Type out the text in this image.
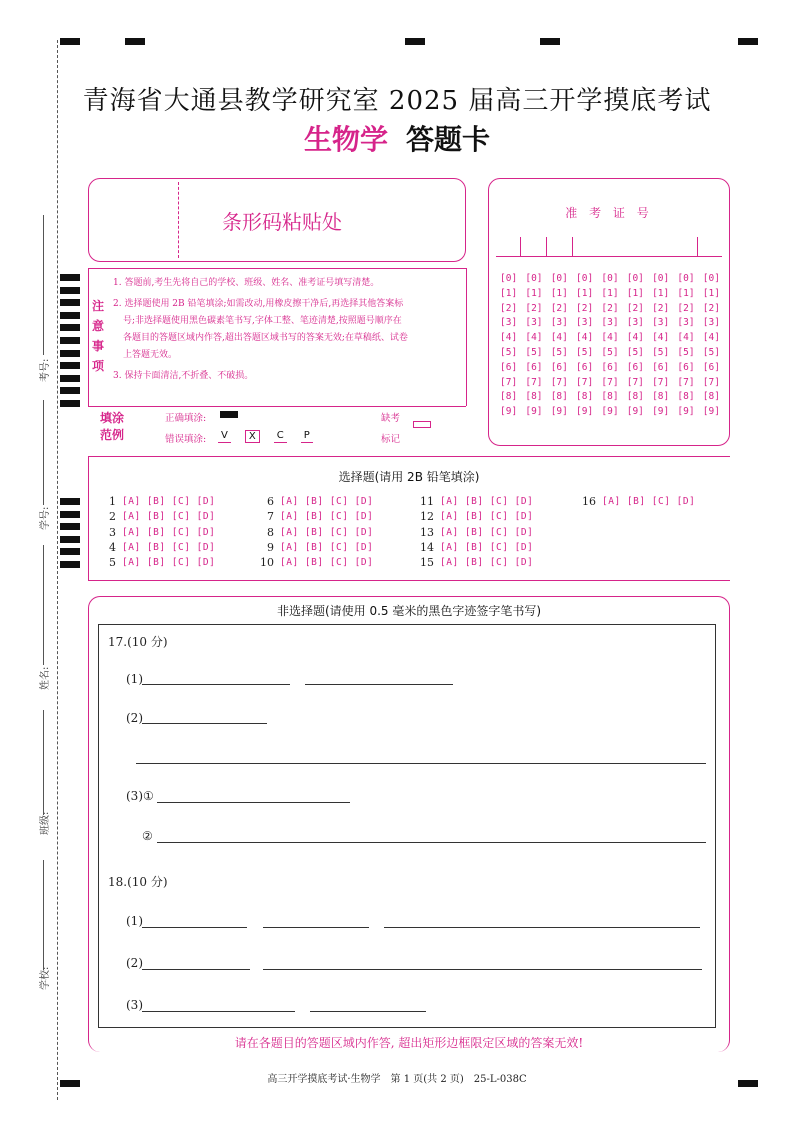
考号:
学号:
姓名:
班级:
学校:
青海省大通县教学研究室 2025 届高三开学摸底考试
生物学 答题卡
条形码粘贴处
注
意
事
项
1. 答题前,考生先将自己的学校、班级、姓名、准考证号填写清楚。
2. 选择题使用 2B 铅笔填涂;如需改动,用橡皮擦干净后,再选择其他答案标
号;非选择题使用黑色碳素笔书写,字体工整、笔迹清楚,按照题号顺序在
各题目的答题区域内作答,超出答题区域书写的答案无效;在草稿纸、试卷
上答题无效。
3. 保持卡面清洁,不折叠、不破损。
填涂
范例
正确填涂:
错误填涂:	V	X	C	P
缺考
标记
准 考 证 号
[0] [0] [0] [0] [0] [0] [0] [0] [0]
[1] [1] [1] [1] [1] [1] [1] [1] [1]
[2] [2] [2] [2] [2] [2] [2] [2] [2]
[3] [3] [3] [3] [3] [3] [3] [3] [3]
[4] [4] [4] [4] [4] [4] [4] [4] [4]
[5] [5] [5] [5] [5] [5] [5] [5] [5]
[6] [6] [6] [6] [6] [6] [6] [6] [6]
[7] [7] [7] [7] [7] [7] [7] [7] [7]
[8] [8] [8] [8] [8] [8] [8] [8] [8]
[9] [9] [9] [9] [9] [9] [9] [9] [9]
选择题(请用 2B 铅笔填涂)
1 [A] [B] [C] [D]
2 [A] [B] [C] [D]
3 [A] [B] [C] [D]
4 [A] [B] [C] [D]
5 [A] [B] [C] [D]
6 [A] [B] [C] [D]
7 [A] [B] [C] [D]
8 [A] [B] [C] [D]
9 [A] [B] [C] [D]
10 [A] [B] [C] [D]
11 [A] [B] [C] [D]
12 [A] [B] [C] [D]
13 [A] [B] [C] [D]
14 [A] [B] [C] [D]
15 [A] [B] [C] [D]
16 [A] [B] [C] [D]
非选择题(请使用 0.5 毫米的黑色字迹签字笔书写)
17.(10 分)
(1)
(2)
(3)①
②
18.(10 分)
(1)
(2)
(3)
请在各题目的答题区域内作答, 超出矩形边框限定区域的答案无效!
高三开学摸底考试·生物学　第 1 页(共 2 页)　25-L-038C
